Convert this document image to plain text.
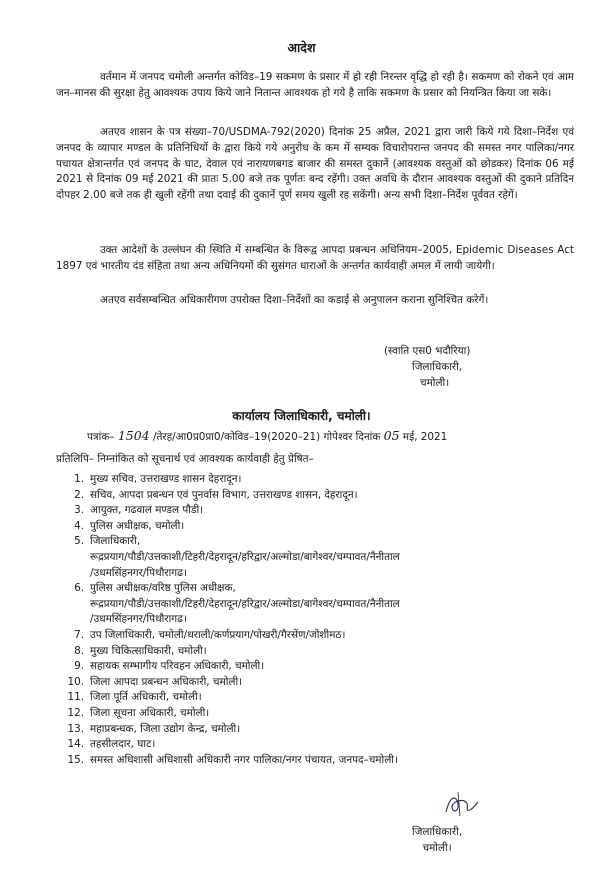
आदेश
वर्तमान में जनपद चमोली अन्तर्गत कोविड–19 सकमण के प्रसार में हो रही निरन्तर वृद्धि हो रही है। सकमण को रोकने एवं आम जन–मानस की सुरक्षा हेतु आवश्यक उपाय किये जाने नितान्त आवश्यक हो गये है ताकि सकमण के प्रसार को नियन्त्रित किया जा सके।
अतएव शासन के पत्र संख्या–70/USDMA-792(2020) दिनांक 25 अप्रैल, 2021 द्वारा जारी किये गये दिशा–निर्देश एवं जनपद के व्यापार मण्डल के प्रतिनिधियों के द्वारा किये गये अनुरोध के कम में सम्यक विचारोपरान्त जनपद की समस्त नगर पालिका/नगर पचायत क्षेत्रान्तर्गत एवं जनपद के घाट, देवाल एवं नारायणबगड बाजार की समस्त दुकानें (आवश्यक वस्तुओं को छोडकर) दिनांक 06 मई 2021 से दिनांक 09 मई 2021 की प्रातः 5.00 बजे तक पूर्णतः बन्द रहेंगी। उक्त अवधि के दौरान आवश्यक वस्तुओं की दुकाने प्रतिदिन दोपहर 2.00 बजे तक ही खुली रहेंगी तथा दवाई की दुकानें पूर्ण समय खुली रह सकेंगी। अन्य सभी दिशा–निर्देश पूर्ववत रहेगें।
उक्त आदेशों के उल्लंघन की स्थिति में सम्बन्धित के विरूद्व आपदा प्रबन्धन अधिनियम–2005, Epidemic Diseases Act 1897 एवं भारतीय दंड संहिता तथा अन्य अधिनियमों की सुसंगत धाराओं के अन्तर्गत कार्यवाही अमल में लायी जायेगी।
अतएव सर्वसम्बन्धित अधिकारीगण उपरोक्त दिशा–निर्देशों का कडाई से अनुपालन कराना सुनिश्चित करेगें।
(स्वाति एस0 भदौरिया)
जिलाधिकारी,
चमोली।
कार्यालय जिलाधिकारी, चमोली।
पत्रांक– 1504 /तेरह/आ0प्र0प्रा0/कोविड–19(2020–21) गोपेश्वर दिनांक 05 मई, 2021
प्रतिलिपि– निम्नांकित को सूचनार्थ एवं आवश्यक कार्यवाही हेतु प्रेषित–
1. मुख्य सचिव, उत्तराखण्ड शासन देहरादून।
2. सचिव, आपदा प्रबन्धन एवं पुनर्वास विभाग, उत्तराखण्ड शासन, देहरादून।
3. आयुक्त, गढवाल मण्डल पौडी।
4. पुलिस अधीक्षक, चमोली।
5. जिलाधिकारी,
रूद्रप्रयाग/पौडी/उत्तकाशी/टिहरी/देहरादून/हरिद्वार/अल्मोडा/बागेश्वर/चम्पावत/नैनीताल
/उधमसिंहनगर/पिथौरागढ।
6. पुलिस अधीक्षक/वरिष्ठ पुलिस अधीक्षक,
रूद्रप्रयाग/पौडी/उत्तकाशी/टिहरी/देहरादून/हरिद्वार/अल्मोडा/बागेश्वर/चम्पावत/नैनीताल
/उधमसिंहनगर/पिथौरागढ।
7. उप जिलाधिकारी, चमोली/थराली/कर्णप्रयाग/पोखरी/गैरसेंण/जोशीमठ।
8. मुख्य चिकित्साधिकारी, चमोली।
9. सहायक सम्भागीय परिवहन अधिकारी, चमोली।
10. जिला आपदा प्रबन्धन अधिकारी, चमोली।
11. जिला पूर्ति अधिकारी, चमोली।
12. जिला सूचना अधिकारी, चमोली।
13. महाप्रबन्धक, जिला उद्योग केन्द्र, चमोली।
14. तहसीलदार, घाट।
15. समस्त अधिशासी अधिशासी अधिकारी नगर पालिका/नगर पंचायत, जनपद–चमोली।
जिलाधिकारी,
चमोली।
